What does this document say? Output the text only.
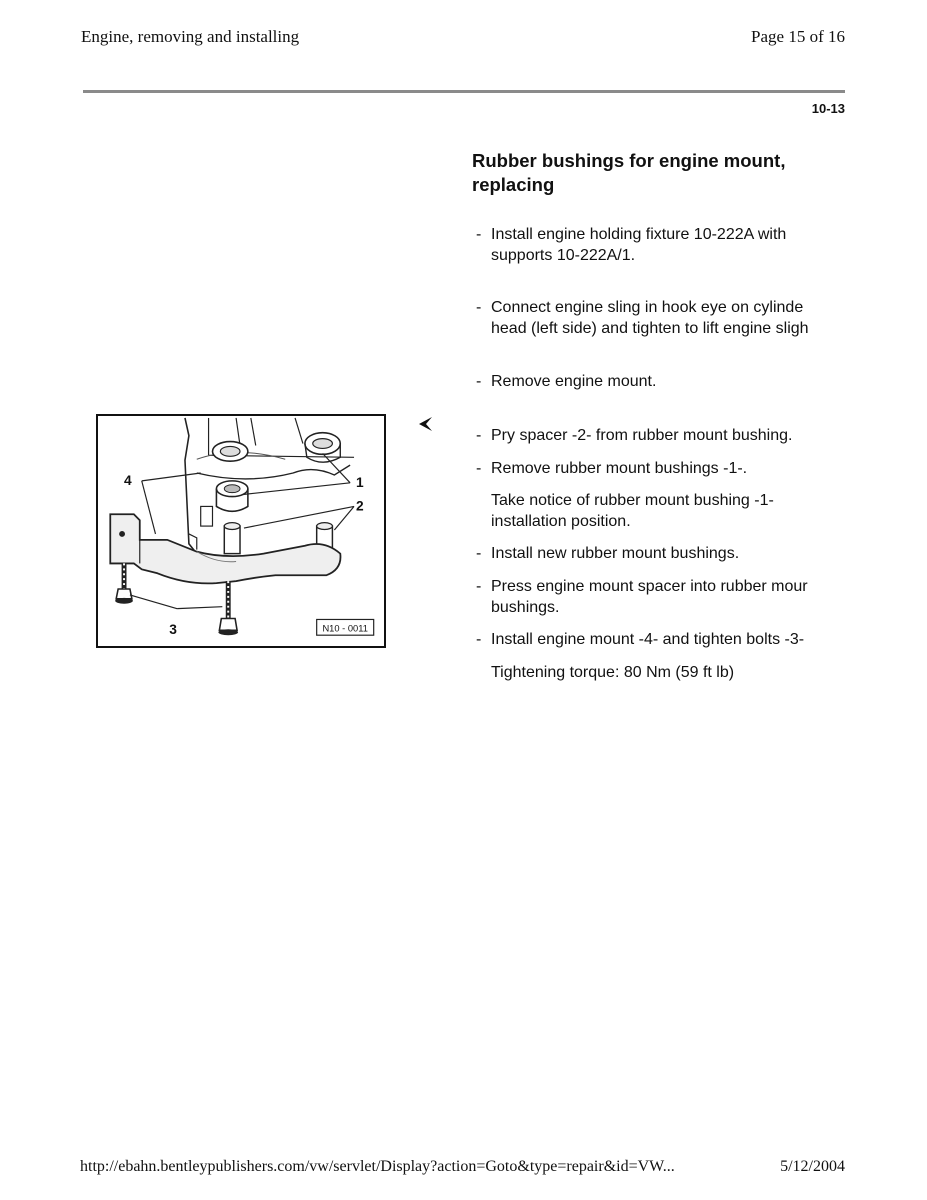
Engine, removing and installing	Page 15 of 16
10-13
Rubber bushings for engine mount,
replacing
- Install engine holding fixture 10-222A with
supports 10-222A/1.
- Connect engine sling in hook eye on cylinde
head (left side) and tighten to lift engine sligh
- Remove engine mount.
- Pry spacer -2- from rubber mount bushing.
- Remove rubber mount bushings -1-.
Take notice of rubber mount bushing -1-
installation position.
- Install new rubber mount bushings.
- Press engine mount spacer into rubber mour
bushings.
- Install engine mount -4- and tighten bolts -3-
Tightening torque: 80 Nm (59 ft lb)
4	1
2
3	N10 - 0011
http://ebahn.bentleypublishers.com/vw/servlet/Display?action=Goto&type=repair&id=VW...	5/12/2004
